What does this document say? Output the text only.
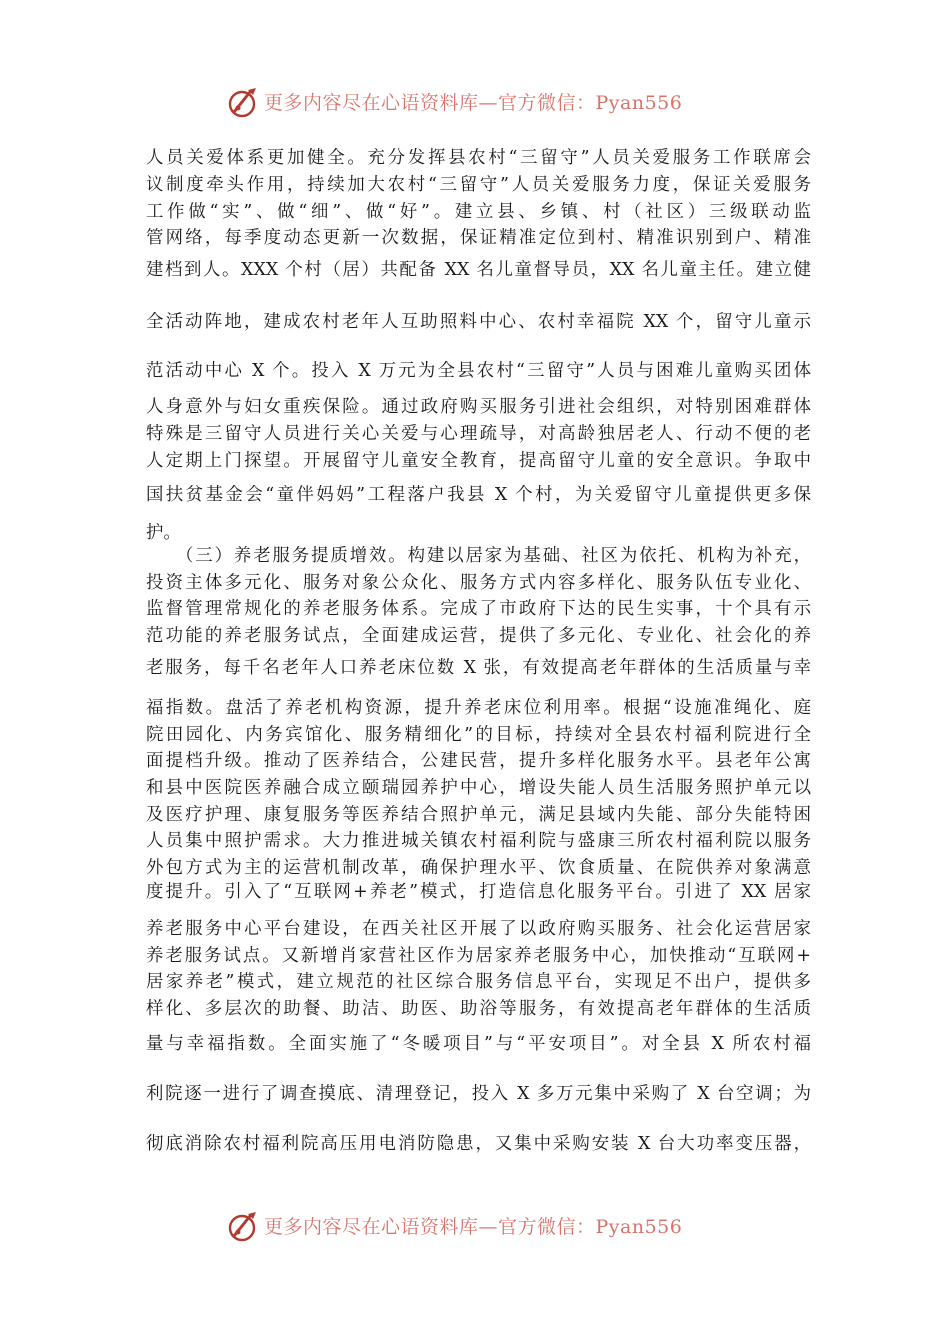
更多内容尽在心语资料库—官方微信：Pyan556
人员关爱体系更加健全。充分发挥县农村“三留守”人员关爱服务工作联席会
议制度牵头作用，持续加大农村“三留守”人员关爱服务力度，保证关爱服务
工作做“实”、做“细”、做“好”。建立县、乡镇、村（社区）三级联动监
管网络，每季度动态更新一次数据，保证精准定位到村、精准识别到户、精准
建档到人。XXX 个村（居）共配备 XX 名儿童督导员，XX 名儿童主任。建立健
全活动阵地，建成农村老年人互助照料中心、农村幸福院 XX 个，留守儿童示
范活动中心 X 个。投入 X 万元为全县农村“三留守”人员与困难儿童购买团体
人身意外与妇女重疾保险。通过政府购买服务引进社会组织，对特别困难群体
特殊是三留守人员进行关心关爱与心理疏导，对高龄独居老人、行动不便的老
人定期上门探望。开展留守儿童安全教育，提高留守儿童的安全意识。争取中
国扶贫基金会“童伴妈妈”工程落户我县 X 个村，为关爱留守儿童提供更多保
护。
（三）养老服务提质增效。构建以居家为基础、社区为依托、机构为补充，
投资主体多元化、服务对象公众化、服务方式内容多样化、服务队伍专业化、
监督管理常规化的养老服务体系。完成了市政府下达的民生实事，十个具有示
范功能的养老服务试点，全面建成运营，提供了多元化、专业化、社会化的养
老服务，每千名老年人口养老床位数 X 张，有效提高老年群体的生活质量与幸
福指数。盘活了养老机构资源，提升养老床位利用率。根据“设施准绳化、庭
院田园化、内务宾馆化、服务精细化”的目标，持续对全县农村福利院进行全
面提档升级。推动了医养结合，公建民营，提升多样化服务水平。县老年公寓
和县中医院医养融合成立颐瑞园养护中心，增设失能人员生活服务照护单元以
及医疗护理、康复服务等医养结合照护单元，满足县域内失能、部分失能特困
人员集中照护需求。大力推进城关镇农村福利院与盛康三所农村福利院以服务
外包方式为主的运营机制改革，确保护理水平、饮食质量、在院供养对象满意
度提升。引入了“互联网+养老”模式，打造信息化服务平台。引进了 XX 居家
养老服务中心平台建设，在西关社区开展了以政府购买服务、社会化运营居家
养老服务试点。又新增肖家营社区作为居家养老服务中心，加快推动“互联网+
居家养老”模式，建立规范的社区综合服务信息平台，实现足不出户，提供多
样化、多层次的助餐、助洁、助医、助浴等服务，有效提高老年群体的生活质
量与幸福指数。全面实施了“冬暖项目”与“平安项目”。对全县 X 所农村福
利院逐一进行了调查摸底、清理登记，投入 X 多万元集中采购了 X 台空调；为
彻底消除农村福利院高压用电消防隐患，又集中采购安装 X 台大功率变压器，
更多内容尽在心语资料库—官方微信：Pyan556
